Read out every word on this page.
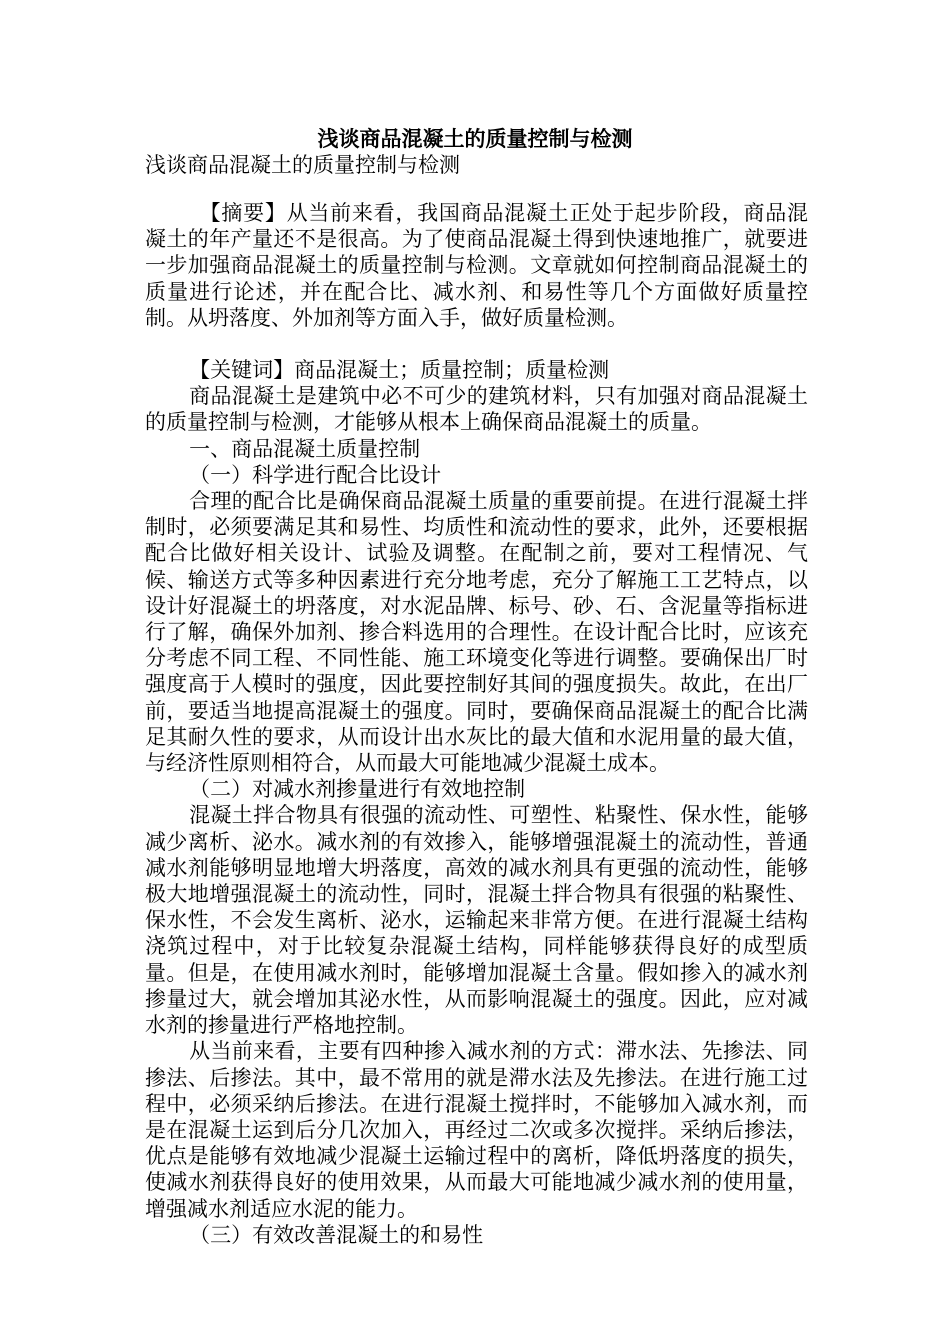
浅谈商品混凝土的质量控制与检测
浅谈商品混凝土的质量控制与检测

【摘要】从当前来看，我国商品混凝土正处于起步阶段，商品混凝土的年产量还不是很高。为了使商品混凝土得到快速地推广，就要进一步加强商品混凝土的质量控制与检测。文章就如何控制商品混凝土的质量进行论述，并在配合比、减水剂、和易性等几个方面做好质量控制。从坍落度、外加剂等方面入手，做好质量检测。

【关键词】商品混凝土；质量控制；质量检测

商品混凝土是建筑中必不可少的建筑材料，只有加强对商品混凝土的质量控制与检测，才能够从根本上确保商品混凝土的质量。

一、商品混凝土质量控制

（一）科学进行配合比设计

合理的配合比是确保商品混凝土质量的重要前提。在进行混凝土拌制时，必须要满足其和易性、均质性和流动性的要求，此外，还要根据配合比做好相关设计、试验及调整。在配制之前，要对工程情况、气候、输送方式等多种因素进行充分地考虑，充分了解施工工艺特点，以设计好混凝土的坍落度，对水泥品牌、标号、砂、石、含泥量等指标进行了解，确保外加剂、掺合料选用的合理性。在设计配合比时，应该充分考虑不同工程、不同性能、施工环境变化等进行调整。要确保出厂时强度高于人模时的强度，因此要控制好其间的强度损失。故此，在出厂前，要适当地提高混凝土的强度。同时，要确保商品混凝土的配合比满足其耐久性的要求，从而设计出水灰比的最大值和水泥用量的最大值，与经济性原则相符合，从而最大可能地减少混凝土成本。

（二）对减水剂掺量进行有效地控制

混凝土拌合物具有很强的流动性、可塑性、粘聚性、保水性，能够减少离析、泌水。减水剂的有效掺入，能够增强混凝土的流动性，普通减水剂能够明显地增大坍落度，高效的减水剂具有更强的流动性，能够极大地增强混凝土的流动性，同时，混凝土拌合物具有很强的粘聚性、保水性，不会发生离析、泌水，运输起来非常方便。在进行混凝土结构浇筑过程中，对于比较复杂混凝土结构，同样能够获得良好的成型质量。但是，在使用减水剂时，能够增加混凝土含量。假如掺入的减水剂掺量过大，就会增加其泌水性，从而影响混凝土的强度。因此，应对减水剂的掺量进行严格地控制。

从当前来看，主要有四种掺入减水剂的方式：滞水法、先掺法、同掺法、后掺法。其中，最不常用的就是滞水法及先掺法。在进行施工过程中，必须采纳后掺法。在进行混凝土搅拌时，不能够加入减水剂，而是在混凝土运到后分几次加入，再经过二次或多次搅拌。采纳后掺法，优点是能够有效地减少混凝土运输过程中的离析，降低坍落度的损失，使减水剂获得良好的使用效果，从而最大可能地减少减水剂的使用量，增强减水剂适应水泥的能力。

（三）有效改善混凝土的和易性
